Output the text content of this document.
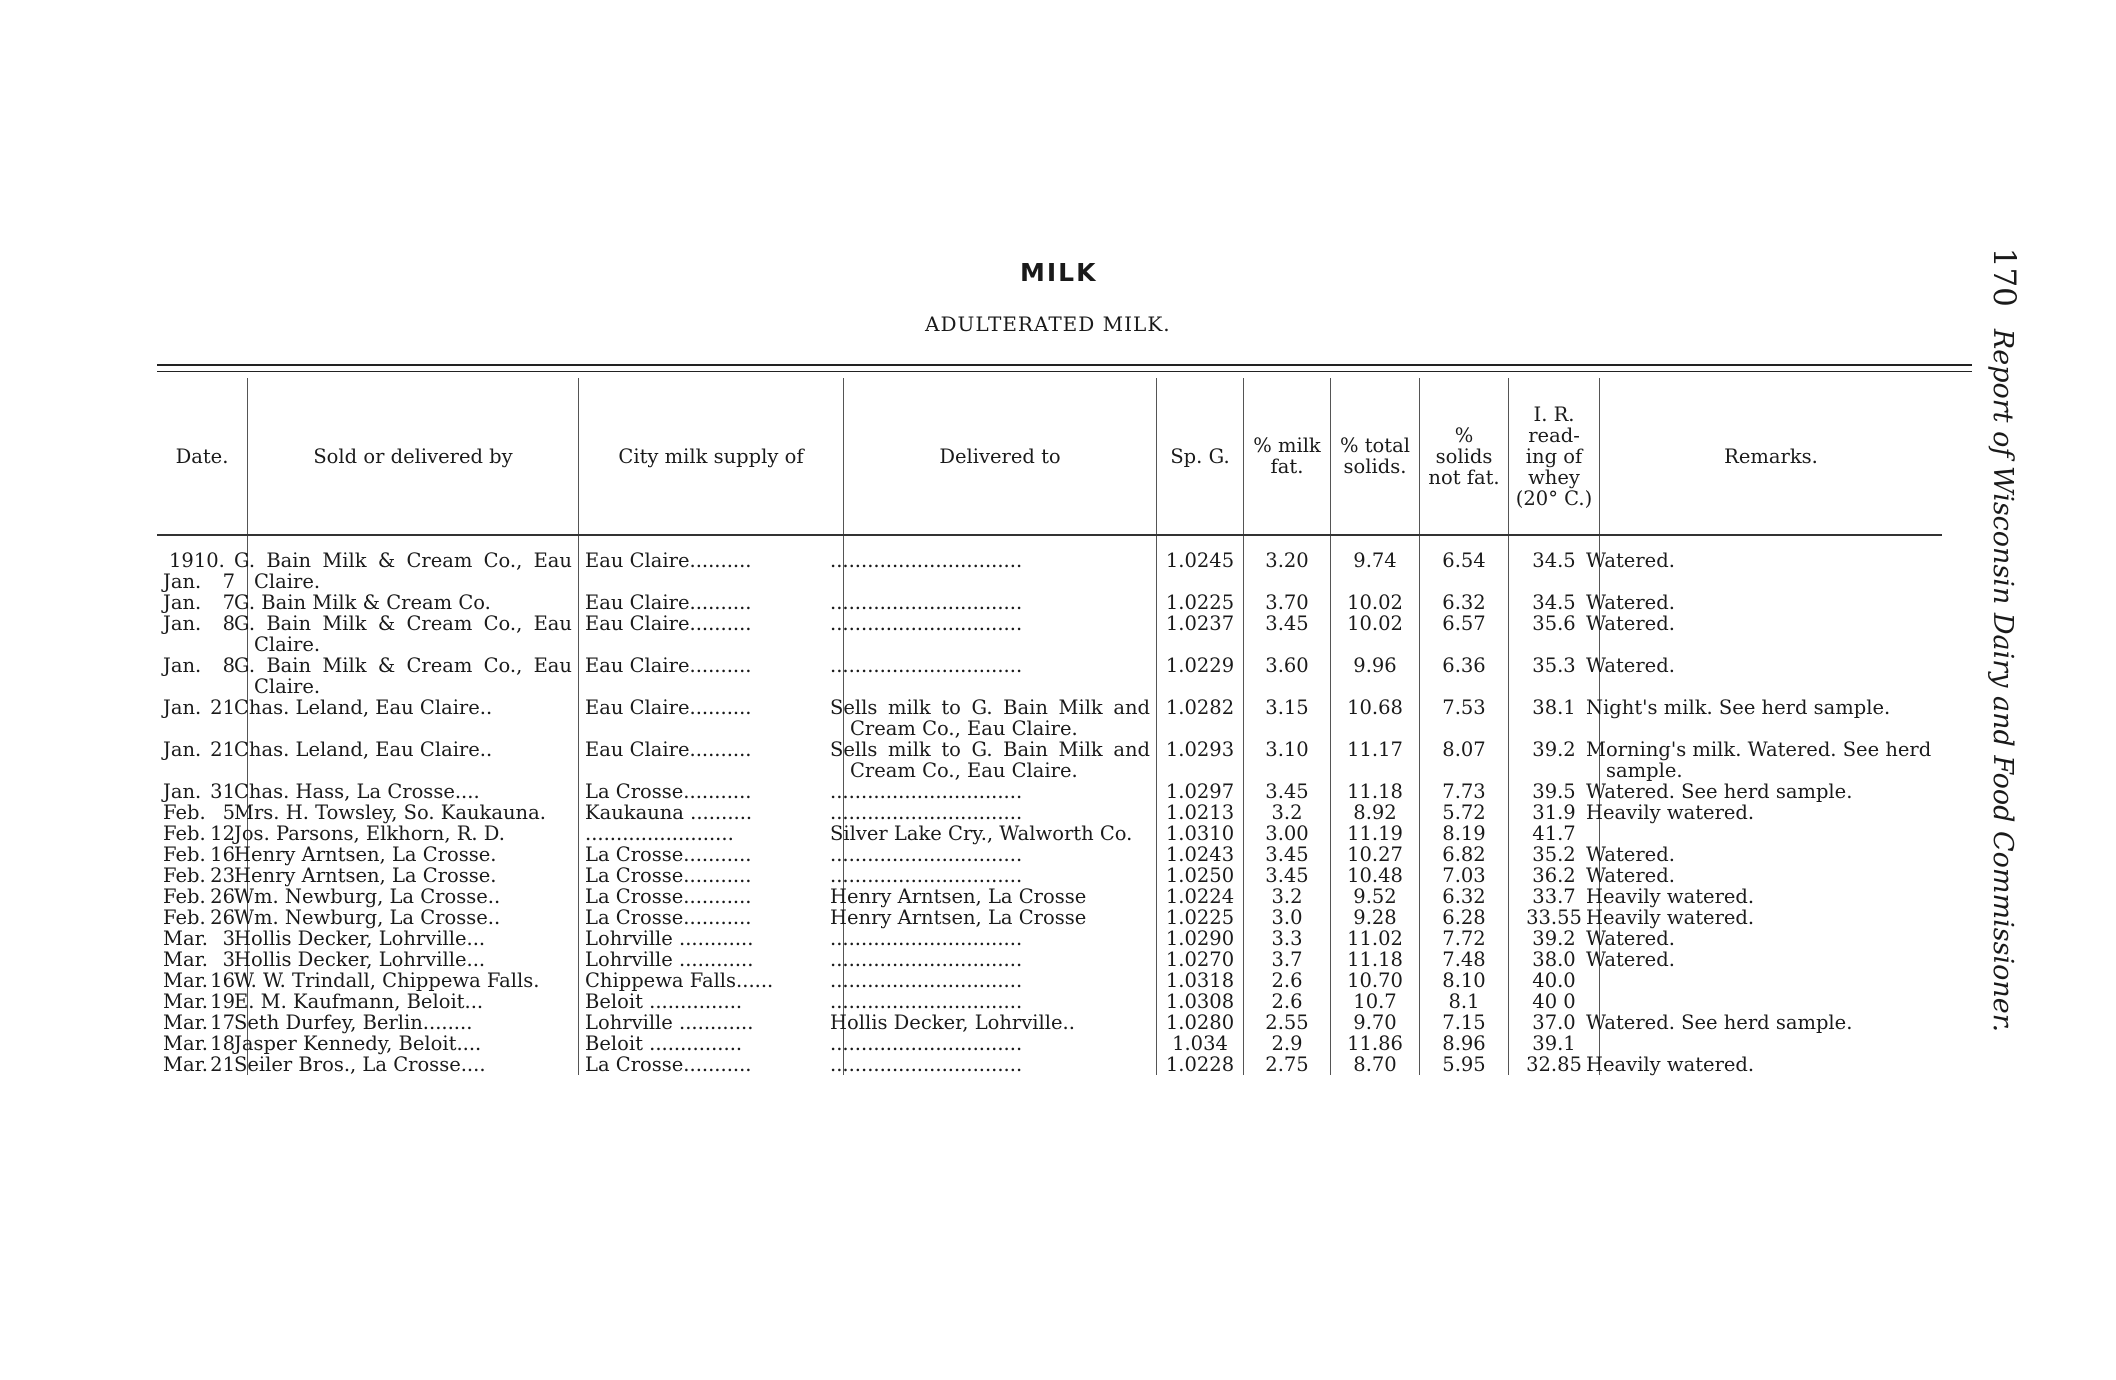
MILK
ADULTERATED MILK.
170Report of Wisconsin Dairy and Food Commissioner.
Date.	Sold or delivered by	City milk supply of	Delivered to	Sp. G.	% milk fat.	% total solids.	% solids not fat.	I. R. read- ing of whey (20° C.)	Remarks.

1910.
Jan. 7	G. Bain Milk & Cream Co., Eau Claire.	Eau Claire..........	...............................	1.0245	3.20	9.74	6.54	34.5	Watered.
Jan. 7	G. Bain Milk & Cream Co.	Eau Claire..........	...............................	1.0225	3.70	10.02	6.32	34.5	Watered.
Jan. 8	G. Bain Milk & Cream Co., Eau Claire.	Eau Claire..........	...............................	1.0237	3.45	10.02	6.57	35.6	Watered.
Jan. 8	G. Bain Milk & Cream Co., Eau Claire.	Eau Claire..........	...............................	1.0229	3.60	9.96	6.36	35.3	Watered.
Jan. 21	Chas. Leland, Eau Claire..	Eau Claire..........	Sells milk to G. Bain Milk and Cream Co., Eau Claire.	1.0282	3.15	10.68	7.53	38.1	Night's milk. See herd sample.
Jan. 21	Chas. Leland, Eau Claire..	Eau Claire..........	Sells milk to G. Bain Milk and Cream Co., Eau Claire.	1.0293	3.10	11.17	8.07	39.2	Morning's milk. Watered. See herd sample.
Jan. 31	Chas. Hass, La Crosse....	La Crosse...........	...............................	1.0297	3.45	11.18	7.73	39.5	Watered. See herd sample.
Feb. 5	Mrs. H. Towsley, So. Kaukauna.	Kaukauna ..........	...............................	1.0213	3.2	8.92	5.72	31.9	Heavily watered.
Feb. 12	Jos. Parsons, Elkhorn, R. D.	........................	Silver Lake Cry., Walworth Co.	1.0310	3.00	11.19	8.19	41.7	
Feb. 16	Henry Arntsen, La Crosse.	La Crosse...........	...............................	1.0243	3.45	10.27	6.82	35.2	Watered.
Feb. 23	Henry Arntsen, La Crosse.	La Crosse...........	...............................	1.0250	3.45	10.48	7.03	36.2	Watered.
Feb. 26	Wm. Newburg, La Crosse..	La Crosse...........	Henry Arntsen, La Crosse	1.0224	3.2	9.52	6.32	33.7	Heavily watered.
Feb. 26	Wm. Newburg, La Crosse..	La Crosse...........	Henry Arntsen, La Crosse	1.0225	3.0	9.28	6.28	33.55	Heavily watered.
Mar. 3	Hollis Decker, Lohrville...	Lohrville ............	...............................	1.0290	3.3	11.02	7.72	39.2	Watered.
Mar. 3	Hollis Decker, Lohrville...	Lohrville ............	...............................	1.0270	3.7	11.18	7.48	38.0	Watered.
Mar. 16	W. W. Trindall, Chippewa Falls.	Chippewa Falls......	...............................	1.0318	2.6	10.70	8.10	40.0	
Mar. 19	E. M. Kaufmann, Beloit...	Beloit ...............	...............................	1.0308	2.6	10.7	8.1	40 0	
Mar. 17	Seth Durfey, Berlin........	Lohrville ............	Hollis Decker, Lohrville..	1.0280	2.55	9.70	7.15	37.0	Watered. See herd sample.
Mar. 18	Jasper Kennedy, Beloit....	Beloit ...............	...............................	1.034	2.9	11.86	8.96	39.1	
Mar. 21	Seiler Bros., La Crosse....	La Crosse...........	...............................	1.0228	2.75	8.70	5.95	32.85	Heavily watered.
